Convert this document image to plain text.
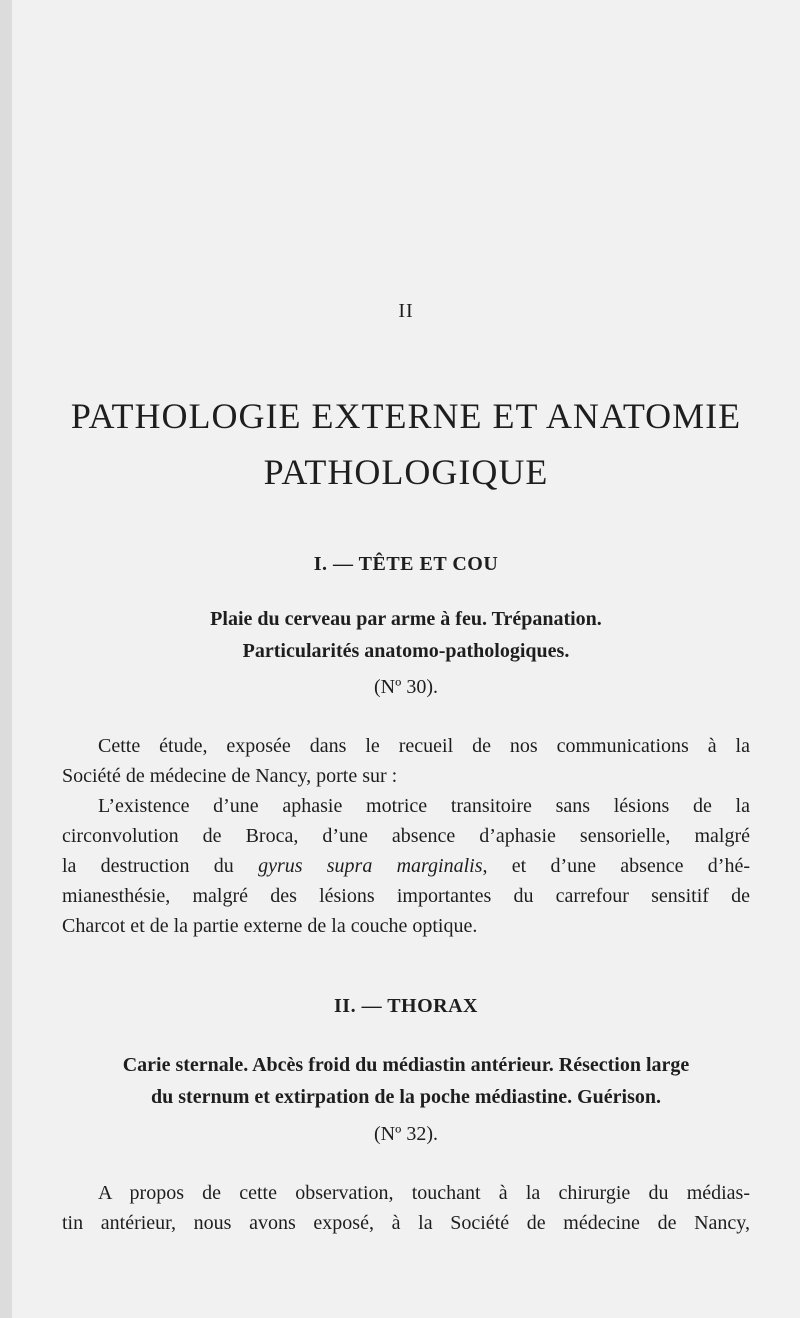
II
PATHOLOGIE EXTERNE ET ANATOMIE
PATHOLOGIQUE
I. — TÊTE ET COU
Plaie du cerveau par arme à feu. Trépanation.
Particularités anatomo-pathologiques.
(Nº 30).
Cette étude, exposée dans le recueil de nos communications à la
Société de médecine de Nancy, porte sur :
L’existence d’une aphasie motrice transitoire sans lésions de la
circonvolution de Broca, d’une absence d’aphasie sensorielle, malgré
la destruction du gyrus supra marginalis, et d’une absence d’hé-
mianesthésie, malgré des lésions importantes du carrefour sensitif de
Charcot et de la partie externe de la couche optique.
II. — THORAX
Carie sternale. Abcès froid du médiastin antérieur. Résection large
du sternum et extirpation de la poche médiastine. Guérison.
(Nº 32).
A propos de cette observation, touchant à la chirurgie du médias-
tin antérieur, nous avons exposé, à la Société de médecine de Nancy,
